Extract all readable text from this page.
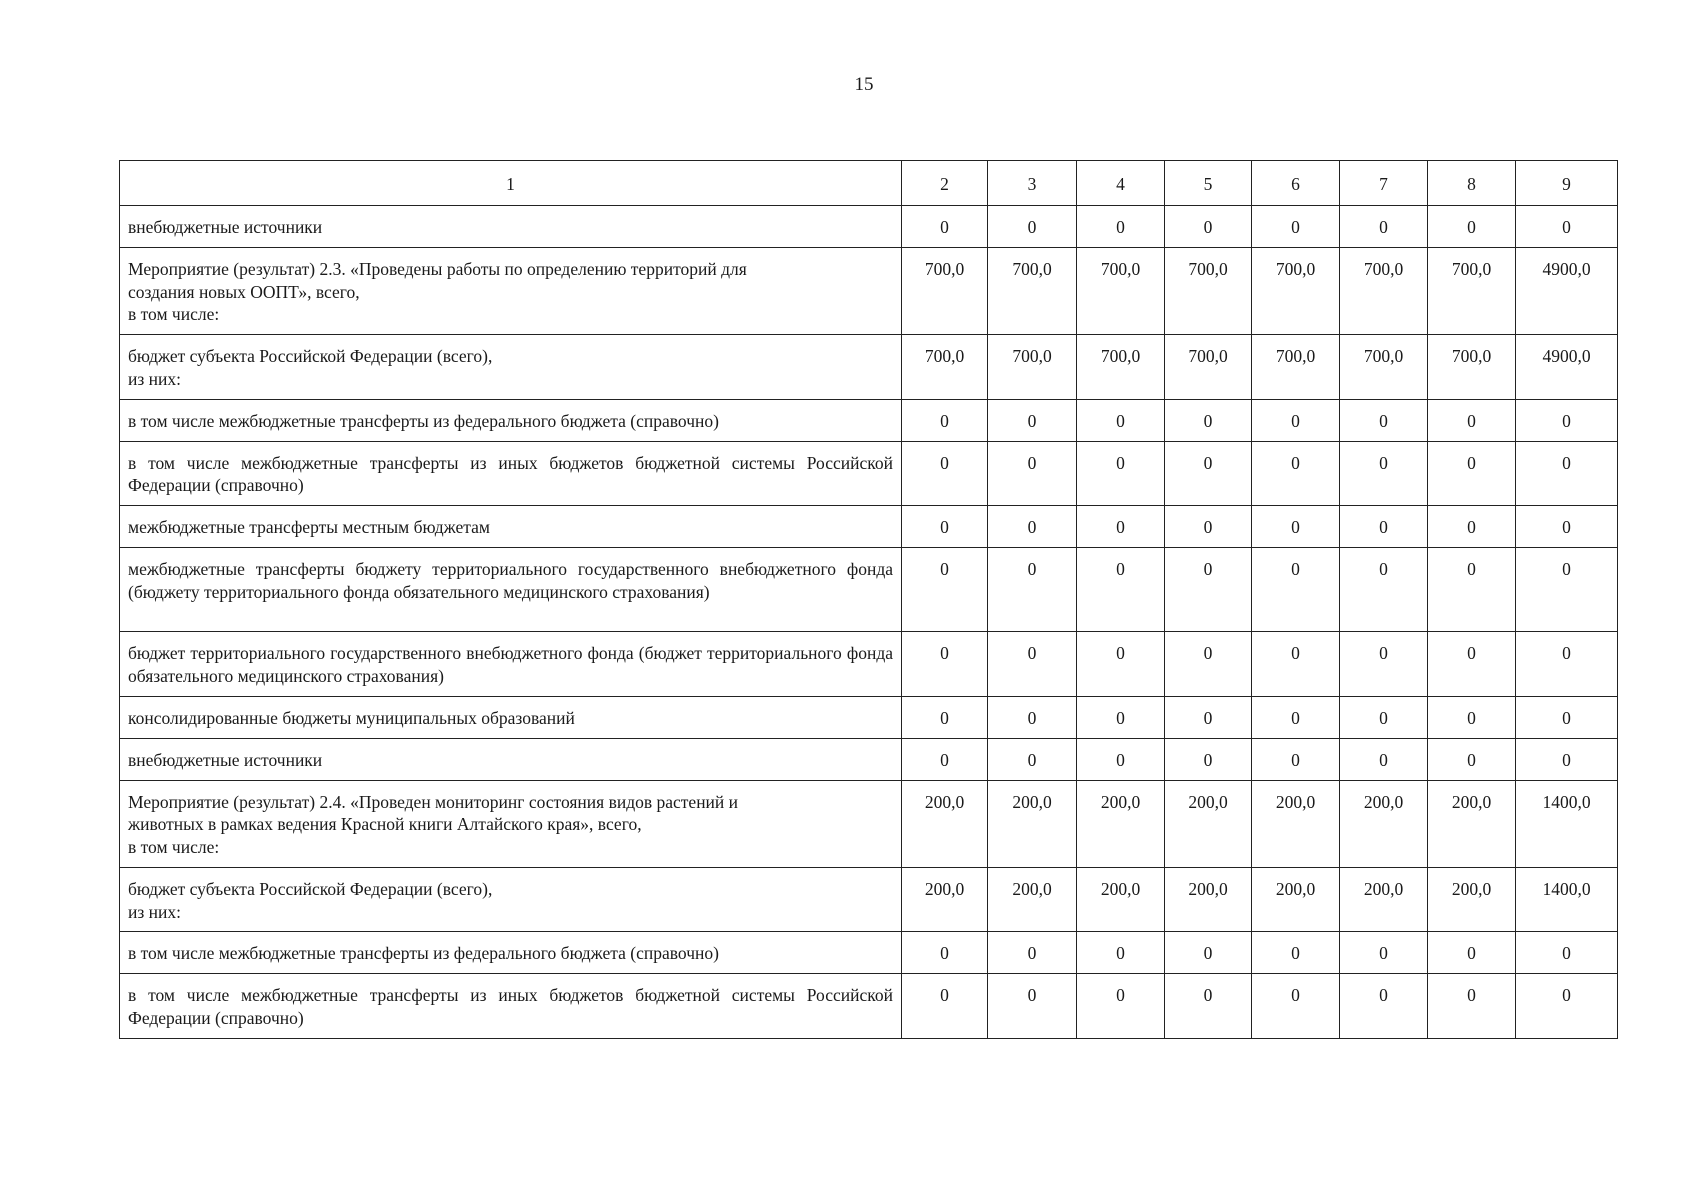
15
1	2	3	4	5	6	7	8	9
внебюджетные источники	0	0	0	0	0	0	0	0
Мероприятие (результат) 2.3. «Проведены работы по определению территорий для
создания новых ООПТ», всего,
в том числе:	700,0	700,0	700,0	700,0	700,0	700,0	700,0	4900,0
бюджет субъекта Российской Федерации (всего),
из них:	700,0	700,0	700,0	700,0	700,0	700,0	700,0	4900,0
в том числе межбюджетные трансферты из федерального бюджета (справочно)	0	0	0	0	0	0	0	0
в том числе межбюджетные трансферты из иных бюджетов бюджетной системы Российской Федерации (справочно)	0	0	0	0	0	0	0	0
межбюджетные трансферты местным бюджетам	0	0	0	0	0	0	0	0
межбюджетные трансферты бюджету территориального государственного внебюджетного фонда (бюджету территориального фонда обязательного медицинского страхования)	0	0	0	0	0	0	0	0
бюджет территориального государственного внебюджетного фонда (бюджет территориального фонда обязательного медицинского страхования)	0	0	0	0	0	0	0	0
консолидированные бюджеты муниципальных образований	0	0	0	0	0	0	0	0
внебюджетные источники	0	0	0	0	0	0	0	0
Мероприятие (результат) 2.4. «Проведен мониторинг состояния видов растений и
животных в рамках ведения Красной книги Алтайского края», всего,
в том числе:	200,0	200,0	200,0	200,0	200,0	200,0	200,0	1400,0
бюджет субъекта Российской Федерации (всего),
из них:	200,0	200,0	200,0	200,0	200,0	200,0	200,0	1400,0
в том числе межбюджетные трансферты из федерального бюджета (справочно)	0	0	0	0	0	0	0	0
в том числе межбюджетные трансферты из иных бюджетов бюджетной системы Российской Федерации (справочно)	0	0	0	0	0	0	0	0
